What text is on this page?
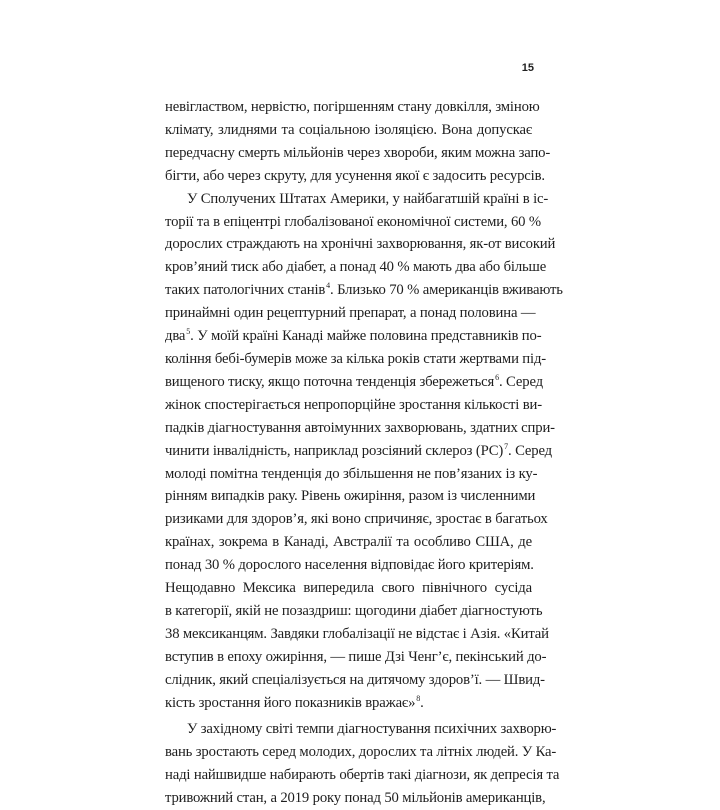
15
невіглаством, нервістю, погіршенням стану довкілля, зміною
клімату, злиднями та соціальною ізоляцією. Вона допускає
передчасну смерть мільйонів через хвороби, яким можна запо-
бігти, або через скруту, для усунення якої є задосить ресурсів.
У Сполучених Штатах Америки, у найбагатшій країні в іс-
торії та в епіцентрі глобалізованої економічної системи, 60 %
дорослих страждають на хронічні захворювання, як-от високий
кров’яний тиск або діабет, а понад 40 % мають два або більше
таких патологічних станів$^4$. Близько 70 % американців вживають
принаймні один рецептурний препарат, а понад половина —
два$^5$. У моїй країні Канаді майже половина представників по-
коління бебі-бумерів може за кілька років стати жертвами під-
вищеного тиску, якщо поточна тенденція збережеться$^6$. Серед
жінок спостерігається непропорційне зростання кількості ви-
падків діагностування автоімунних захворювань, здатних спри-
чинити інвалідність, наприклад розсіяний склероз (РС)$^7$. Серед
молоді помітна тенденція до збільшення не пов’язаних із ку-
рінням випадків раку. Рівень ожиріння, разом із численними
ризиками для здоров’я, які воно спричиняє, зростає в багатьох
країнах, зокрема в Канаді, Австралії та особливо США, де
понад 30 % дорослого населення відповідає його критеріям.
Нещодавно Мексика випередила свого північного сусіда
в категорії, якій не позаздриш: щогодини діабет діагностують
38 мексиканцям. Завдяки глобалізації не відстає і Азія. «Китай
вступив в епоху ожиріння, — пише Дзі Ченг’є, пекінський до-
слідник, який спеціалізується на дитячому здоров’ї. — Швид-
кість зростання його показників вражає»$^8$.
У західному світі темпи діагностування психічних захворю-
вань зростають серед молодих, дорослих та літніх людей. У Ка-
наді найшвидше набирають обертів такі діагнози, як депресія та
тривожний стан, а 2019 року понад 50 мільйонів американців,
